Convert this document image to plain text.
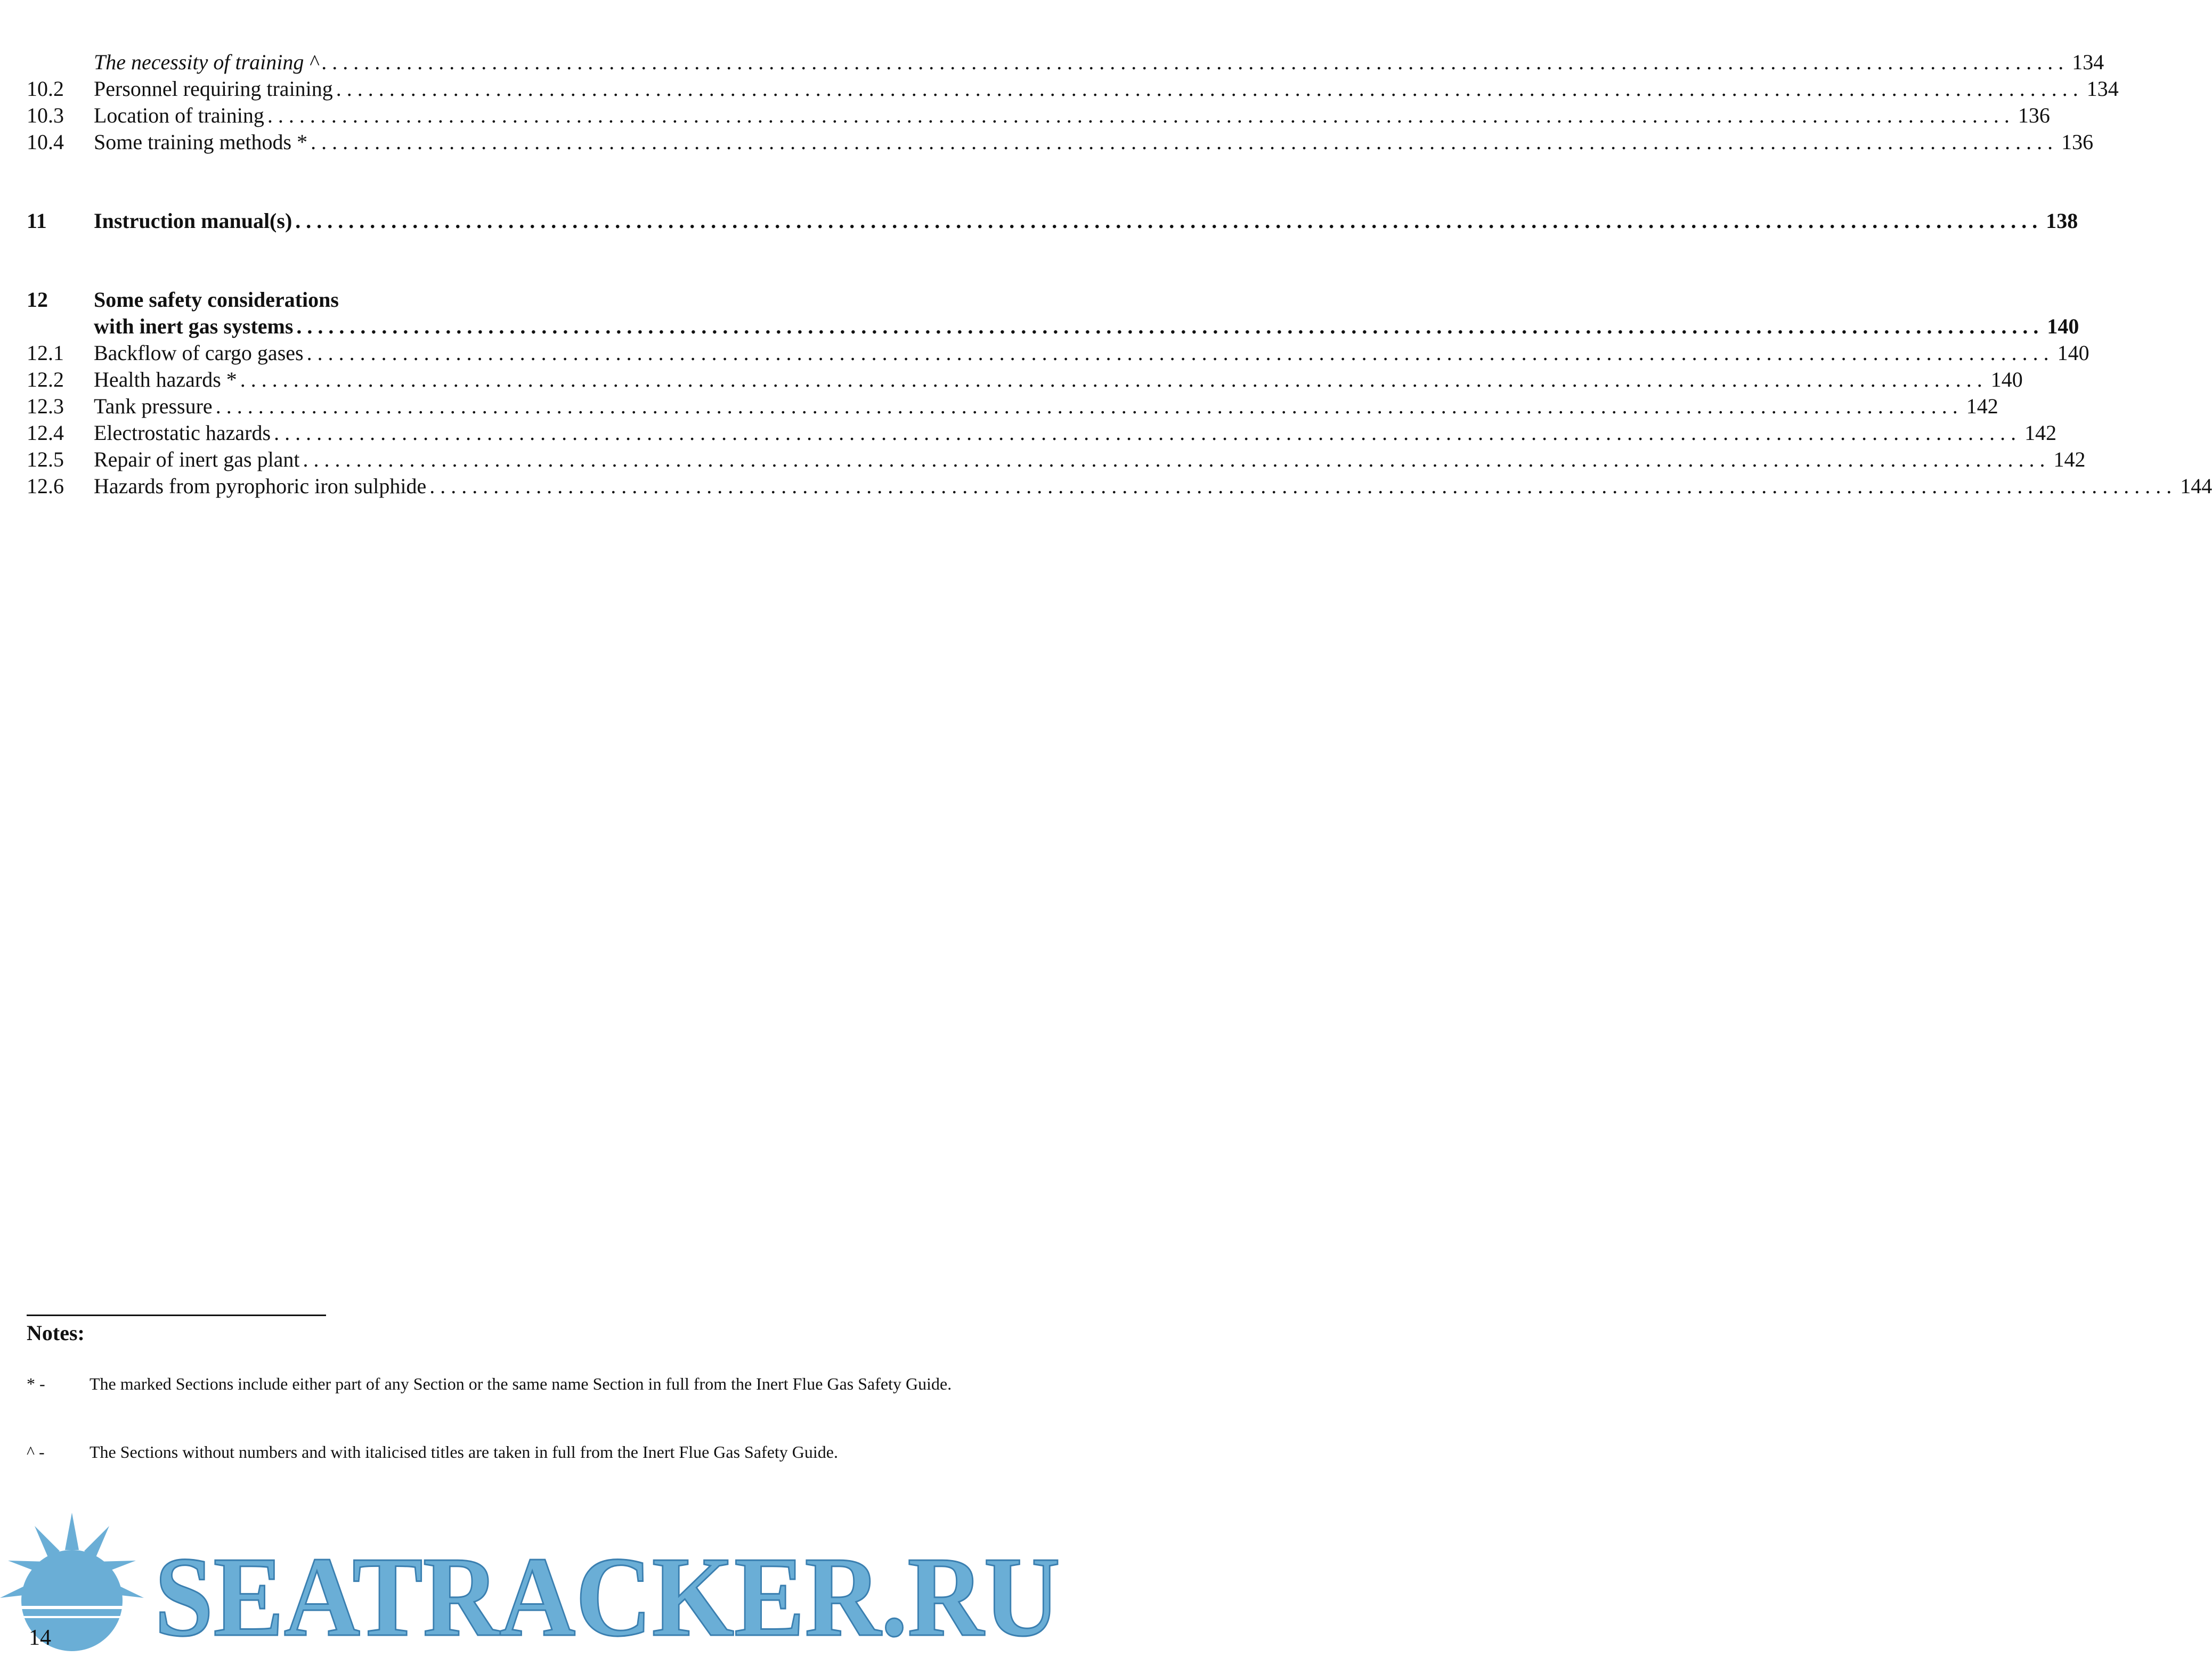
The necessity of training ^ .................................................................................................................................................................... 134
10.2	Personnel requiring training .................................................................................................................................................................... 134
10.3	Location of training .................................................................................................................................................................... 136
10.4	Some training methods * .................................................................................................................................................................... 136
11	Instruction manual(s) .................................................................................................................................................................... 138
12	Some safety considerations
with inert gas systems .................................................................................................................................................................... 140
12.1	Backflow of cargo gases .................................................................................................................................................................... 140
12.2	Health hazards * .................................................................................................................................................................... 140
12.3	Tank pressure .................................................................................................................................................................... 142
12.4	Electrostatic hazards .................................................................................................................................................................... 142
12.5	Repair of inert gas plant .................................................................................................................................................................... 142
12.6	Hazards from pyrophoric iron sulphide .................................................................................................................................................................... 144
Notes:
* -	The marked Sections include either part of any Section or the same name Section in full from the Inert Flue Gas Safety Guide.
^ -	The Sections without numbers and with italicised titles are taken in full from the Inert Flue Gas Safety Guide.
SEATRACKER.RU
14
